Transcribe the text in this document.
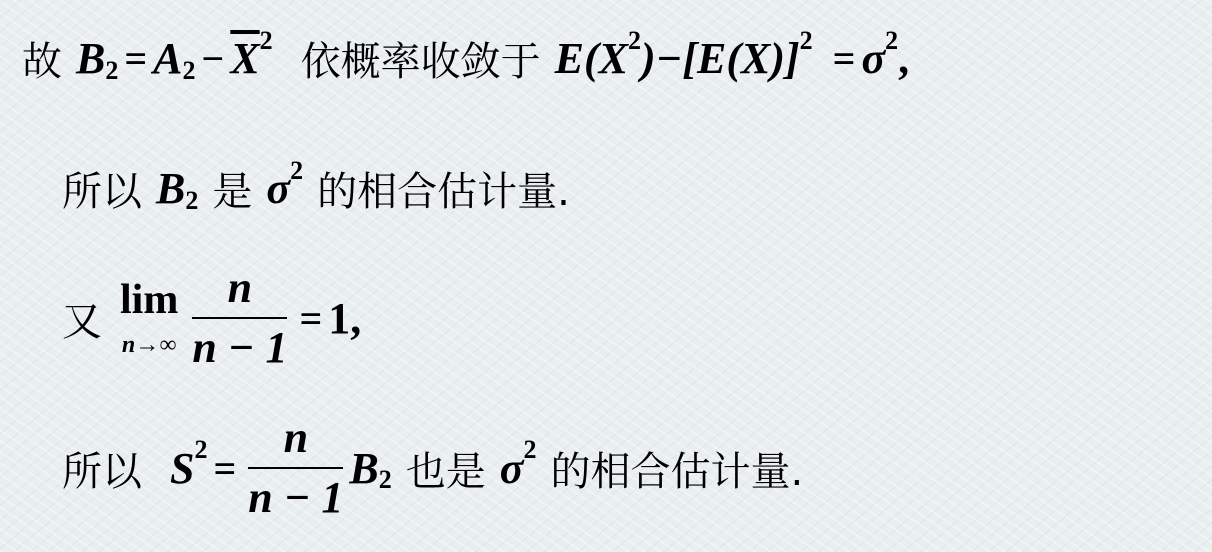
故 B 2 = A $2 - \overline{X}$ 2 依概率收敛于 E(X 2 )−[E(X)] 2 = σ 2 ,
所以 B 2 是 σ 2 的相合估计量.
又 lim
$n\to\infty \frac{n}{n - 1} = 1$,
所以 S $2 = \frac{n}{n - 1}$ B 2 也是 σ 2 的相合估计量.
